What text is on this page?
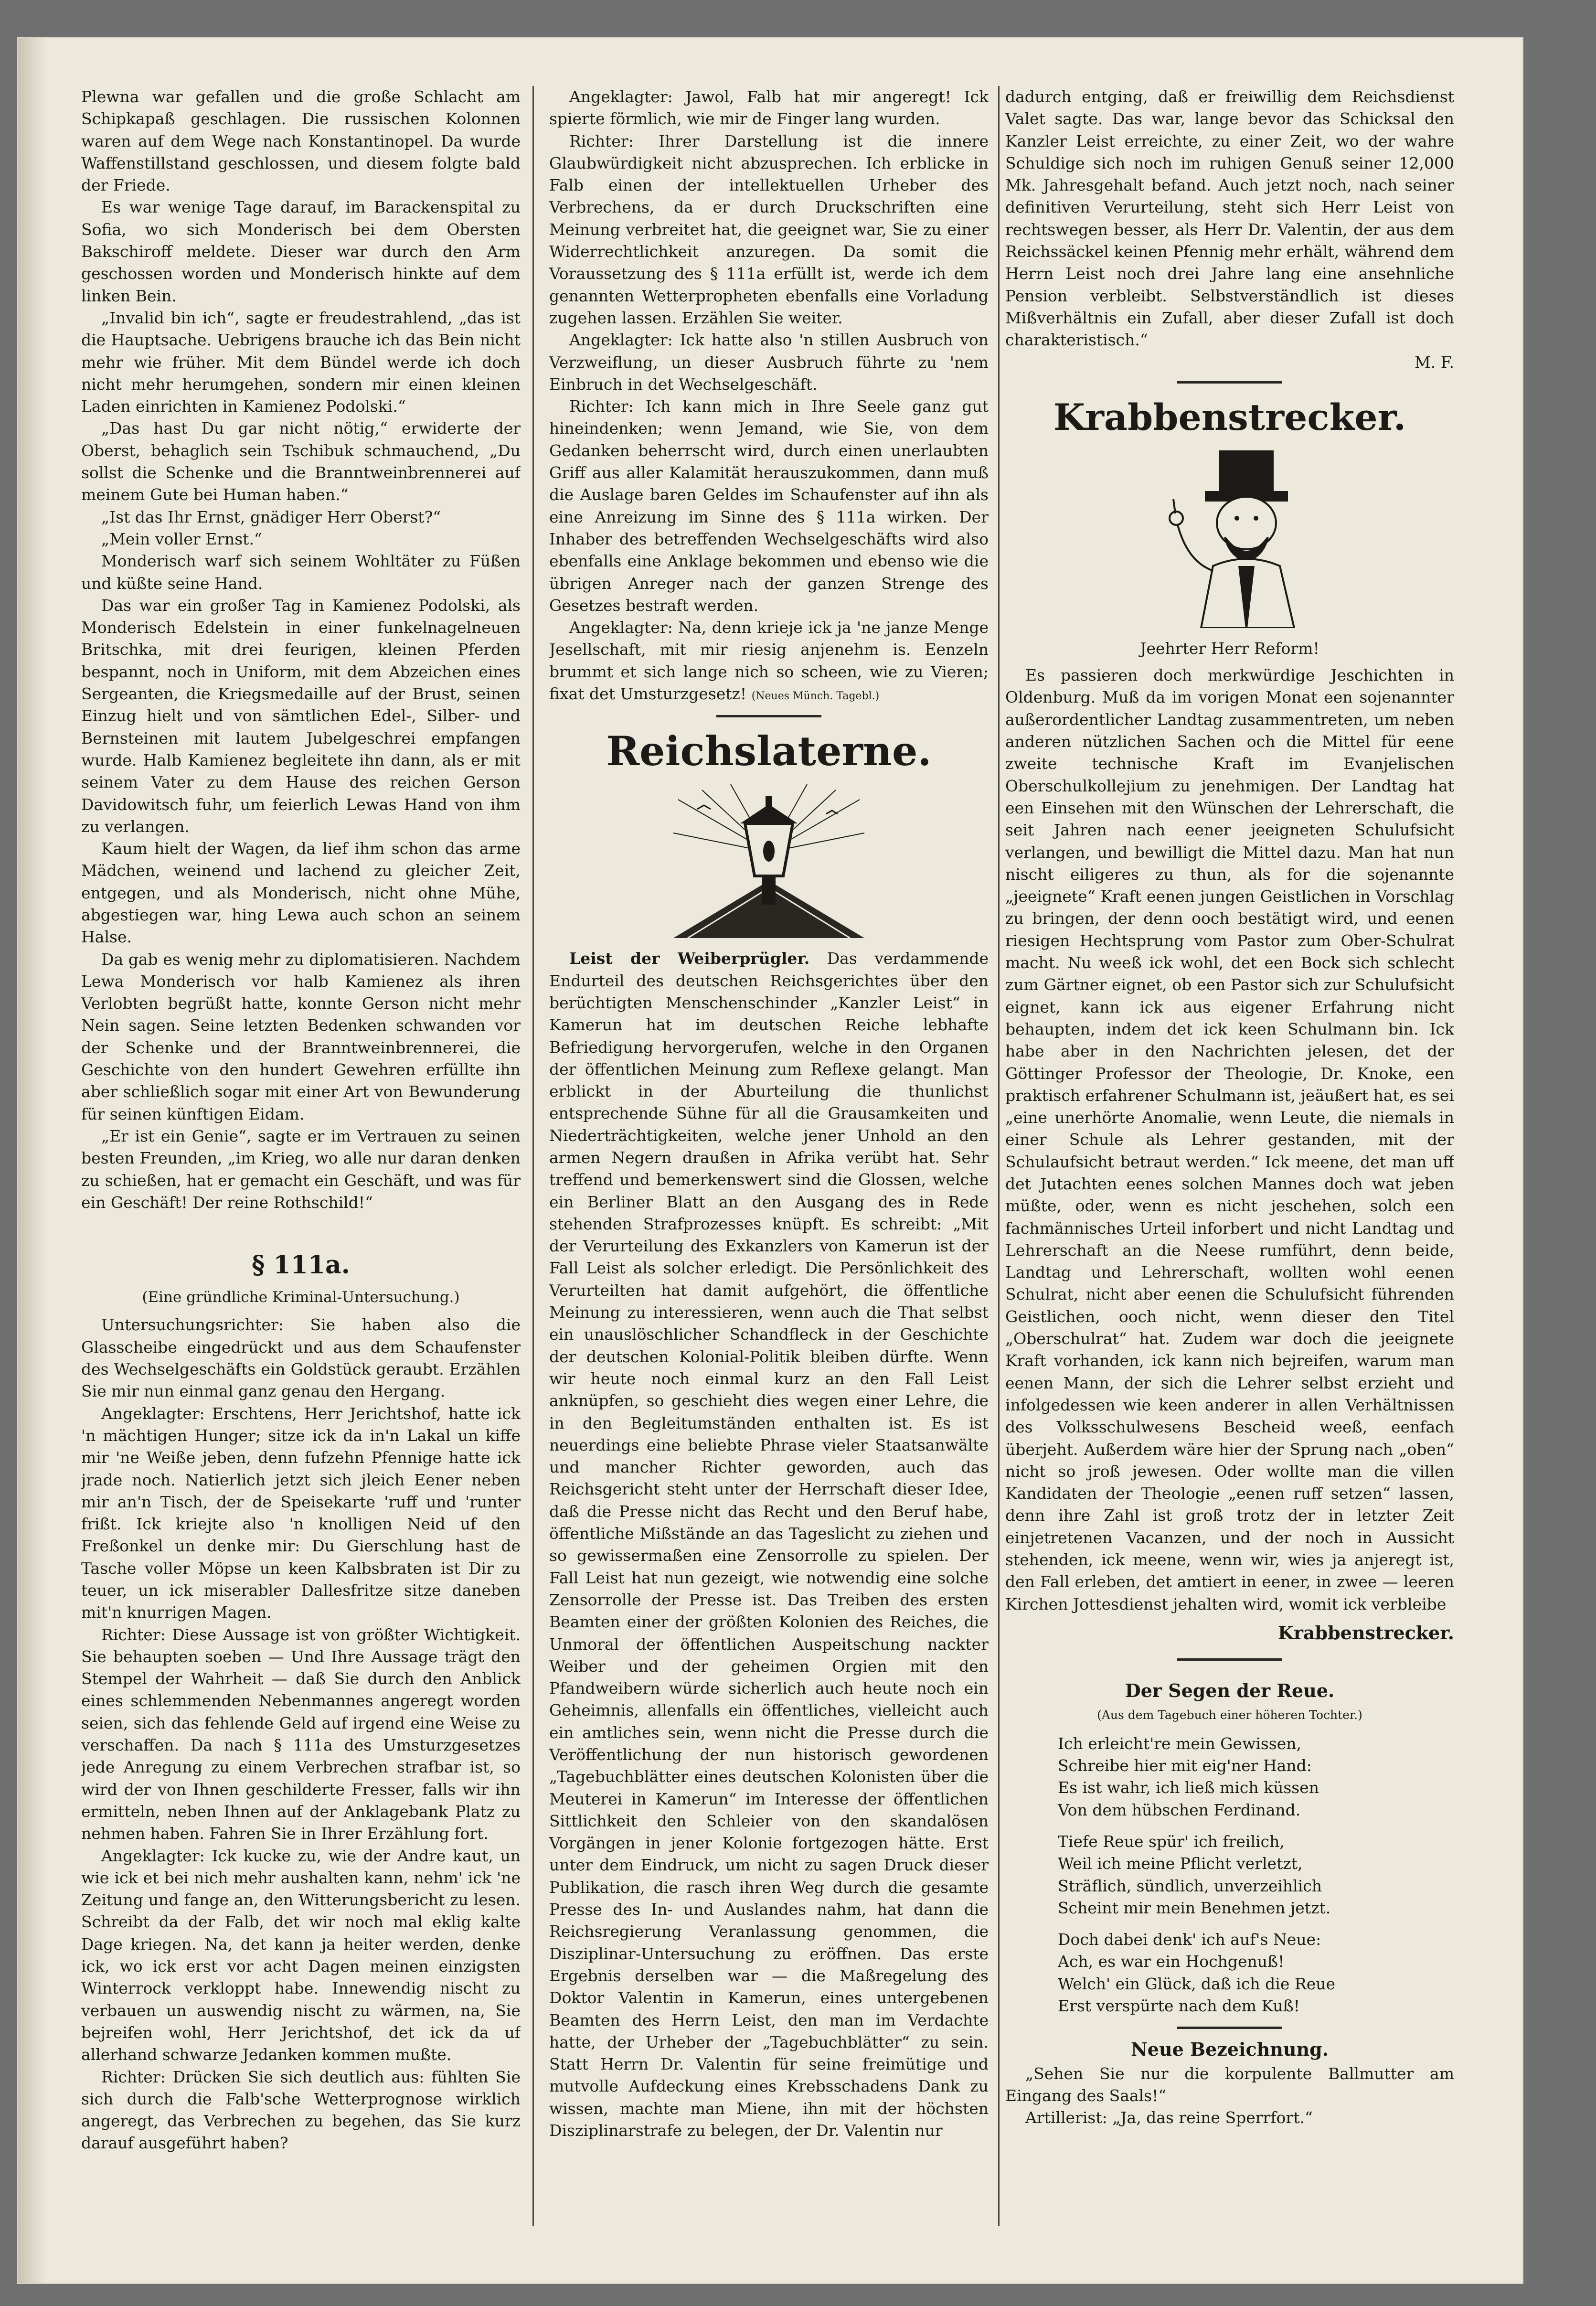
Plewna war gefallen und die große Schlacht am Schipkapaß geschlagen. Die russischen Kolonnen waren auf dem Wege nach Konstantinopel. Da wurde Waffenstillstand geschlossen, und diesem folgte bald der Friede.

Es war wenige Tage darauf, im Barackenspital zu Sofia, wo sich Monderisch bei dem Obersten Bakschiroff meldete. Dieser war durch den Arm geschossen worden und Monderisch hinkte auf dem linken Bein.

„Invalid bin ich“, sagte er freudestrahlend, „das ist die Hauptsache. Uebrigens brauche ich das Bein nicht mehr wie früher. Mit dem Bündel werde ich doch nicht mehr herumgehen, sondern mir einen kleinen Laden einrichten in Kamienez Podolski.“

„Das hast Du gar nicht nötig,“ erwiderte der Oberst, behaglich sein Tschibuk schmauchend, „Du sollst die Schenke und die Branntweinbrennerei auf meinem Gute bei Human haben.“

„Ist das Ihr Ernst, gnädiger Herr Oberst?“

„Mein voller Ernst.“

Monderisch warf sich seinem Wohltäter zu Füßen und küßte seine Hand.

Das war ein großer Tag in Kamienez Podolski, als Monderisch Edelstein in einer funkelnagelneuen Britschka, mit drei feurigen, kleinen Pferden bespannt, noch in Uniform, mit dem Abzeichen eines Sergeanten, die Kriegsmedaille auf der Brust, seinen Einzug hielt und von sämtlichen Edel-, Silber- und Bernsteinen mit lautem Jubelgeschrei empfangen wurde. Halb Kamienez begleitete ihn dann, als er mit seinem Vater zu dem Hause des reichen Gerson Davidowitsch fuhr, um feierlich Lewas Hand von ihm zu verlangen.

Kaum hielt der Wagen, da lief ihm schon das arme Mädchen, weinend und lachend zu gleicher Zeit, entgegen, und als Monderisch, nicht ohne Mühe, abgestiegen war, hing Lewa auch schon an seinem Halse.

Da gab es wenig mehr zu diplomatisieren. Nachdem Lewa Monderisch vor halb Kamienez als ihren Verlobten begrüßt hatte, konnte Gerson nicht mehr Nein sagen. Seine letzten Bedenken schwanden vor der Schenke und der Branntweinbrennerei, die Geschichte von den hundert Gewehren erfüllte ihn aber schließlich sogar mit einer Art von Bewunderung für seinen künftigen Eidam.

„Er ist ein Genie“, sagte er im Vertrauen zu seinen besten Freunden, „im Krieg, wo alle nur daran denken zu schießen, hat er gemacht ein Geschäft, und was für ein Geschäft! Der reine Rothschild!“

§ 111a.
(Eine gründliche Kriminal-Untersuchung.)

Untersuchungsrichter: Sie haben also die Glasscheibe eingedrückt und aus dem Schaufenster des Wechselgeschäfts ein Goldstück geraubt. Erzählen Sie mir nun einmal ganz genau den Hergang.

Angeklagter: Erschtens, Herr Jerichtshof, hatte ick 'n mächtigen Hunger; sitze ick da in'n Lakal un kiffe mir 'ne Weiße jeben, denn fufzehn Pfennige hatte ick jrade noch. Natierlich jetzt sich jleich Eener neben mir an'n Tisch, der de Speisekarte 'ruff und 'runter frißt. Ick kriejte also 'n knolligen Neid uf den Freßonkel un denke mir: Du Gierschlung hast de Tasche voller Möpse un keen Kalbsbraten ist Dir zu teuer, un ick miserabler Dallesfritze sitze daneben mit'n knurrigen Magen.

Richter: Diese Aussage ist von größter Wichtigkeit. Sie behaupten soeben — Und Ihre Aussage trägt den Stempel der Wahrheit — daß Sie durch den Anblick eines schlemmenden Nebenmannes angeregt worden seien, sich das fehlende Geld auf irgend eine Weise zu verschaffen. Da nach § 111a des Umsturzgesetzes jede Anregung zu einem Verbrechen strafbar ist, so wird der von Ihnen geschilderte Fresser, falls wir ihn ermitteln, neben Ihnen auf der Anklagebank Platz zu nehmen haben. Fahren Sie in Ihrer Erzählung fort.

Angeklagter: Ick kucke zu, wie der Andre kaut, un wie ick et bei nich mehr aushalten kann, nehm' ick 'ne Zeitung und fange an, den Witterungsbericht zu lesen. Schreibt da der Falb, det wir noch mal eklig kalte Dage kriegen. Na, det kann ja heiter werden, denke ick, wo ick erst vor acht Dagen meinen einzigsten Winterrock verkloppt habe. Innewendig nischt zu verbauen un auswendig nischt zu wärmen, na, Sie bejreifen wohl, Herr Jerichtshof, det ick da uf allerhand schwarze Jedanken kommen mußte.

Richter: Drücken Sie sich deutlich aus: fühlten Sie sich durch die Falb'sche Wetterprognose wirklich angeregt, das Verbrechen zu begehen, das Sie kurz darauf ausgeführt haben?

Angeklagter: Jawol, Falb hat mir angeregt! Ick spierte förmlich, wie mir de Finger lang wurden.

Richter: Ihrer Darstellung ist die innere Glaubwürdigkeit nicht abzusprechen. Ich erblicke in Falb einen der intellektuellen Urheber des Verbrechens, da er durch Druckschriften eine Meinung verbreitet hat, die geeignet war, Sie zu einer Widerrechtlichkeit anzuregen. Da somit die Voraussetzung des § 111a erfüllt ist, werde ich dem genannten Wetterpropheten ebenfalls eine Vorladung zugehen lassen. Erzählen Sie weiter.

Angeklagter: Ick hatte also 'n stillen Ausbruch von Verzweiflung, un dieser Ausbruch führte zu 'nem Einbruch in det Wechselgeschäft.

Richter: Ich kann mich in Ihre Seele ganz gut hineindenken; wenn Jemand, wie Sie, von dem Gedanken beherrscht wird, durch einen unerlaubten Griff aus aller Kalamität herauszukommen, dann muß die Auslage baren Geldes im Schaufenster auf ihn als eine Anreizung im Sinne des § 111a wirken. Der Inhaber des betreffenden Wechselgeschäfts wird also ebenfalls eine Anklage bekommen und ebenso wie die übrigen Anreger nach der ganzen Strenge des Gesetzes bestraft werden.

Angeklagter: Na, denn krieje ick ja 'ne janze Menge Jesellschaft, mit mir riesig anjenehm is. Eenzeln brummt et sich lange nich so scheen, wie zu Vieren; fixat det Umsturzgesetz! (Neues Münch. Tagebl.)

Reichslaterne.

Leist der Weiberprügler. Das verdammende Endurteil des deutschen Reichsgerichtes über den berüchtigten Menschenschinder „Kanzler Leist“ in Kamerun hat im deutschen Reiche lebhafte Befriedigung hervorgerufen, welche in den Organen der öffentlichen Meinung zum Reflexe gelangt. Man erblickt in der Aburteilung die thunlichst entsprechende Sühne für all die Grausamkeiten und Niederträchtigkeiten, welche jener Unhold an den armen Negern draußen in Afrika verübt hat. Sehr treffend und bemerkenswert sind die Glossen, welche ein Berliner Blatt an den Ausgang des in Rede stehenden Strafprozesses knüpft. Es schreibt: „Mit der Verurteilung des Exkanzlers von Kamerun ist der Fall Leist als solcher erledigt. Die Persönlichkeit des Verurteilten hat damit aufgehört, die öffentliche Meinung zu interessieren, wenn auch die That selbst ein unauslöschlicher Schandfleck in der Geschichte der deutschen Kolonial-Politik bleiben dürfte. Wenn wir heute noch einmal kurz an den Fall Leist anknüpfen, so geschieht dies wegen einer Lehre, die in den Begleitumständen enthalten ist. Es ist neuerdings eine beliebte Phrase vieler Staatsanwälte und mancher Richter geworden, auch das Reichsgericht steht unter der Herrschaft dieser Idee, daß die Presse nicht das Recht und den Beruf habe, öffentliche Mißstände an das Tageslicht zu ziehen und so gewissermaßen eine Zensorrolle zu spielen. Der Fall Leist hat nun gezeigt, wie notwendig eine solche Zensorrolle der Presse ist. Das Treiben des ersten Beamten einer der größten Kolonien des Reiches, die Unmoral der öffentlichen Auspeitschung nackter Weiber und der geheimen Orgien mit den Pfandweibern würde sicherlich auch heute noch ein Geheimnis, allenfalls ein öffentliches, vielleicht auch ein amtliches sein, wenn nicht die Presse durch die Veröffentlichung der nun historisch gewordenen „Tagebuchblätter eines deutschen Kolonisten über die Meuterei in Kamerun“ im Interesse der öffentlichen Sittlichkeit den Schleier von den skandalösen Vorgängen in jener Kolonie fortgezogen hätte. Erst unter dem Eindruck, um nicht zu sagen Druck dieser Publikation, die rasch ihren Weg durch die gesamte Presse des In- und Auslandes nahm, hat dann die Reichsregierung Veranlassung genommen, die Disziplinar-Untersuchung zu eröffnen. Das erste Ergebnis derselben war — die Maßregelung des Doktor Valentin in Kamerun, eines untergebenen Beamten des Herrn Leist, den man im Verdachte hatte, der Urheber der „Tagebuchblätter“ zu sein. Statt Herrn Dr. Valentin für seine freimütige und mutvolle Aufdeckung eines Krebsschadens Dank zu wissen, machte man Miene, ihn mit der höchsten Disziplinarstrafe zu belegen, der Dr. Valentin nur

dadurch entging, daß er freiwillig dem Reichsdienst Valet sagte. Das war, lange bevor das Schicksal den Kanzler Leist erreichte, zu einer Zeit, wo der wahre Schuldige sich noch im ruhigen Genuß seiner 12,000 Mk. Jahresgehalt befand. Auch jetzt noch, nach seiner definitiven Verurteilung, steht sich Herr Leist von rechtswegen besser, als Herr Dr. Valentin, der aus dem Reichssäckel keinen Pfennig mehr erhält, während dem Herrn Leist noch drei Jahre lang eine ansehnliche Pension verbleibt. Selbstverständlich ist dieses Mißverhältnis ein Zufall, aber dieser Zufall ist doch charakteristisch.“

M. F.
Krabbenstrecker.
Jeehrter Herr Reform!

Es passieren doch merkwürdige Jeschichten in Oldenburg. Muß da im vorigen Monat een sojenannter außerordentlicher Landtag zusammentreten, um neben anderen nützlichen Sachen och die Mittel für eene zweite technische Kraft im Evanjelischen Oberschulkollejium zu jenehmigen. Der Landtag hat een Einsehen mit den Wünschen der Lehrerschaft, die seit Jahren nach eener jeeigneten Schulufsicht verlangen, und bewilligt die Mittel dazu. Man hat nun nischt eiligeres zu thun, als for die sojenannte „jeeignete“ Kraft eenen jungen Geistlichen in Vorschlag zu bringen, der denn ooch bestätigt wird, und eenen riesigen Hechtsprung vom Pastor zum Ober-Schulrat macht. Nu weeß ick wohl, det een Bock sich schlecht zum Gärtner eignet, ob een Pastor sich zur Schulufsicht eignet, kann ick aus eigener Erfahrung nicht behaupten, indem det ick keen Schulmann bin. Ick habe aber in den Nachrichten jelesen, det der Göttinger Professor der Theologie, Dr. Knoke, een praktisch erfahrener Schulmann ist, jeäußert hat, es sei „eine unerhörte Anomalie, wenn Leute, die niemals in einer Schule als Lehrer gestanden, mit der Schulaufsicht betraut werden.“ Ick meene, det man uff det Jutachten eenes solchen Mannes doch wat jeben müßte, oder, wenn es nicht jeschehen, solch een fachmännisches Urteil inforbert und nicht Landtag und Lehrerschaft an die Neese rumführt, denn beide, Landtag und Lehrerschaft, wollten wohl eenen Schulrat, nicht aber eenen die Schulufsicht führenden Geistlichen, ooch nicht, wenn dieser den Titel „Oberschulrat“ hat. Zudem war doch die jeeignete Kraft vorhanden, ick kann nich bejreifen, warum man eenen Mann, der sich die Lehrer selbst erzieht und infolgedessen wie keen anderer in allen Verhältnissen des Volksschulwesens Bescheid weeß, eenfach überjeht. Außerdem wäre hier der Sprung nach „oben“ nicht so jroß jewesen. Oder wollte man die villen Kandidaten der Theologie „eenen ruff setzen“ lassen, denn ihre Zahl ist groß trotz der in letzter Zeit einjetretenen Vacanzen, und der noch in Aussicht stehenden, ick meene, wenn wir, wies ja anjeregt ist, den Fall erleben, det amtiert in eener, in zwee — leeren Kirchen Jottesdienst jehalten wird, womit ick verbleibe

Krabbenstrecker.
Der Segen der Reue.
(Aus dem Tagebuch einer höheren Tochter.)
Ich erleicht're mein Gewissen,
Schreibe hier mit eig'ner Hand:
Es ist wahr, ich ließ mich küssen
Von dem hübschen Ferdinand.
Tiefe Reue spür' ich freilich,
Weil ich meine Pflicht verletzt,
Sträflich, sündlich, unverzeihlich
Scheint mir mein Benehmen jetzt.
Doch dabei denk' ich auf's Neue:
Ach, es war ein Hochgenuß!
Welch' ein Glück, daß ich die Reue
Erst verspürte nach dem Kuß!
Neue Bezeichnung.

„Sehen Sie nur die korpulente Ballmutter am Eingang des Saals!“

Artillerist: „Ja, das reine Sperrfort.“
